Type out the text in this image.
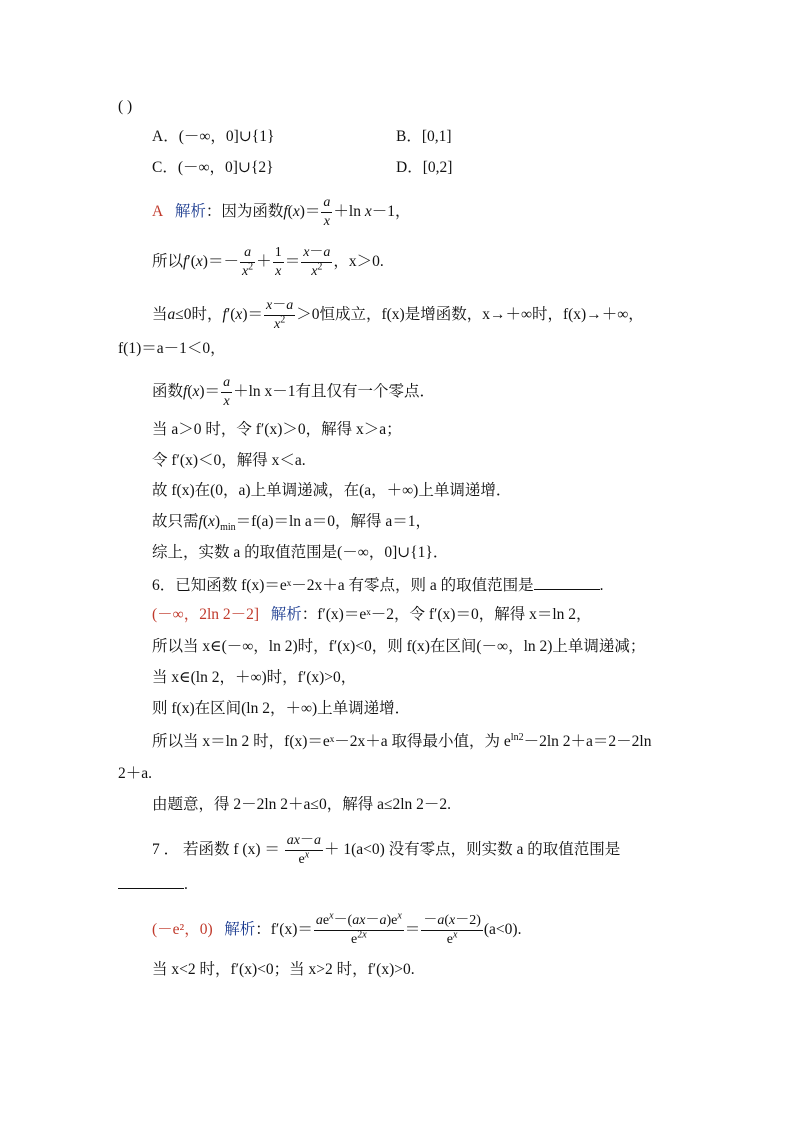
( )
A．(－∞，0]∪{1}	B．[0,1]
C．(－∞，0]∪{2}	D．[0,2]
A 解析：因为函数$f(x)= \frac{a}{x} +\ln$ x－1，
所以$f'(x)=- \frac{a}{x^2} + \frac{1}{x} = \frac{x-a}{x^2}$ ，x＞0.
当a≤0时，$f'(x)= \frac{x-a}{x^2} >0$恒成立，f(x)是增函数，x→＋∞时，f(x)→＋∞，
f(1)＝a－1＜0，
函数$f(x)= \frac{a}{x} +\ln$ x－1有且仅有一个零点．
当 a＞0 时，令 f′(x)＞0，解得 x＞a；
令 f′(x)＜0，解得 x＜a.
故 f(x)在(0，a)上单调递减，在(a，＋∞)上单调递增．
故只需$f(x)_{min}=f(a)=\ln$ a＝0，解得 a＝1，
综上，实数 a 的取值范围是(－∞，0]∪{1}．
6．已知函数 f(x)＝eˣ－2x＋a 有零点，则 a 的取值范围是	.
(－∞，2ln 2－2] 解析：f′(x)＝eˣ－2，令 f′(x)＝0，解得 x＝ln 2，
所以当 x∈(－∞，ln 2)时，f′(x)<0，则 f(x)在区间(－∞，ln 2)上单调递减；
当 x∈(ln 2，＋∞)时，f′(x)>0，
则 f(x)在区间(ln 2，＋∞)上单调递增．
所以当 x＝ln 2 时，f(x)＝eˣ－2x＋a 取得最小值，为 $e^{ln2}-2\ln$ 2＋a＝2－2ln
2＋a.
由题意，得 2－2ln 2＋a≤0，解得 a≤2ln 2－2.
7 ． 若函数 f $(x) = \frac{ax-a}{e^x} + 1(a<0)$ 没有零点，则实数 a 的取值范围是
.
(－e²，0) 解析：$f'(x)= \frac{ae^x-(ax-a)e^x}{e^{2x}} = \frac{-a(x-2)}{e^x} (a<0)$.
当 x<2 时，f′(x)<0；当 x>2 时，f′(x)>0.
